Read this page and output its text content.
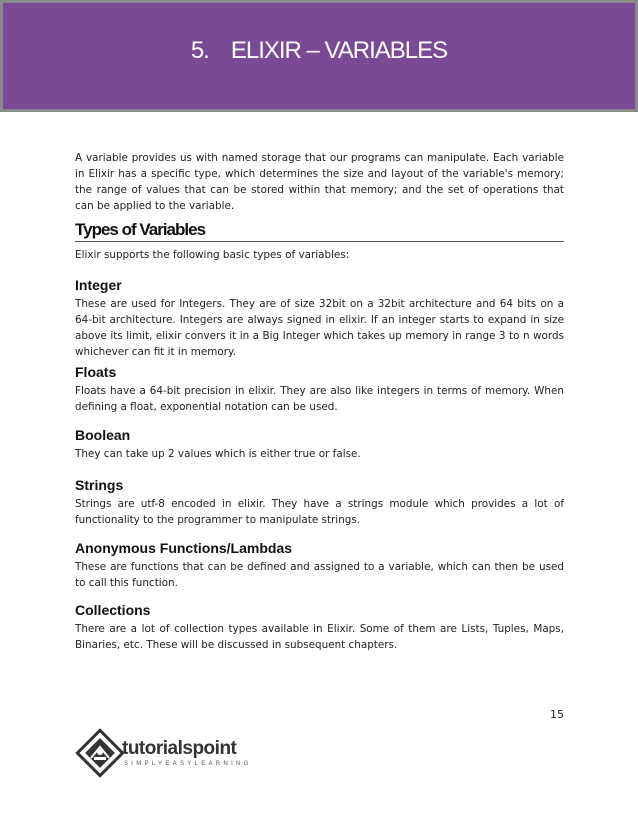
5. ELIXIR – VARIABLES

A variable provides us with named storage that our programs can manipulate. Each variable in Elixir has a specific type, which determines the size and layout of the variable's memory; the range of values that can be stored within that memory; and the set of operations that can be applied to the variable.

Types of Variables

Elixir supports the following basic types of variables:

Integer

These are used for Integers. They are of size 32bit on a 32bit architecture and 64 bits on a 64-bit architecture. Integers are always signed in elixir. If an integer starts to expand in size above its limit, elixir convers it in a Big Integer which takes up memory in range 3 to n words whichever can fit it in memory.

Floats

Floats have a 64-bit precision in elixir. They are also like integers in terms of memory. When defining a float, exponential notation can be used.

Boolean

They can take up 2 values which is either true or false.

Strings

Strings are utf-8 encoded in elixir. They have a strings module which provides a lot of functionality to the programmer to manipulate strings.

Anonymous Functions/Lambdas

These are functions that can be defined and assigned to a variable, which can then be used to call this function.

Collections

There are a lot of collection types available in Elixir. Some of them are Lists, Tuples, Maps, Binaries, etc. These will be discussed in subsequent chapters.

15
tutorialspoint
SIMPLYEASYLEARNING
